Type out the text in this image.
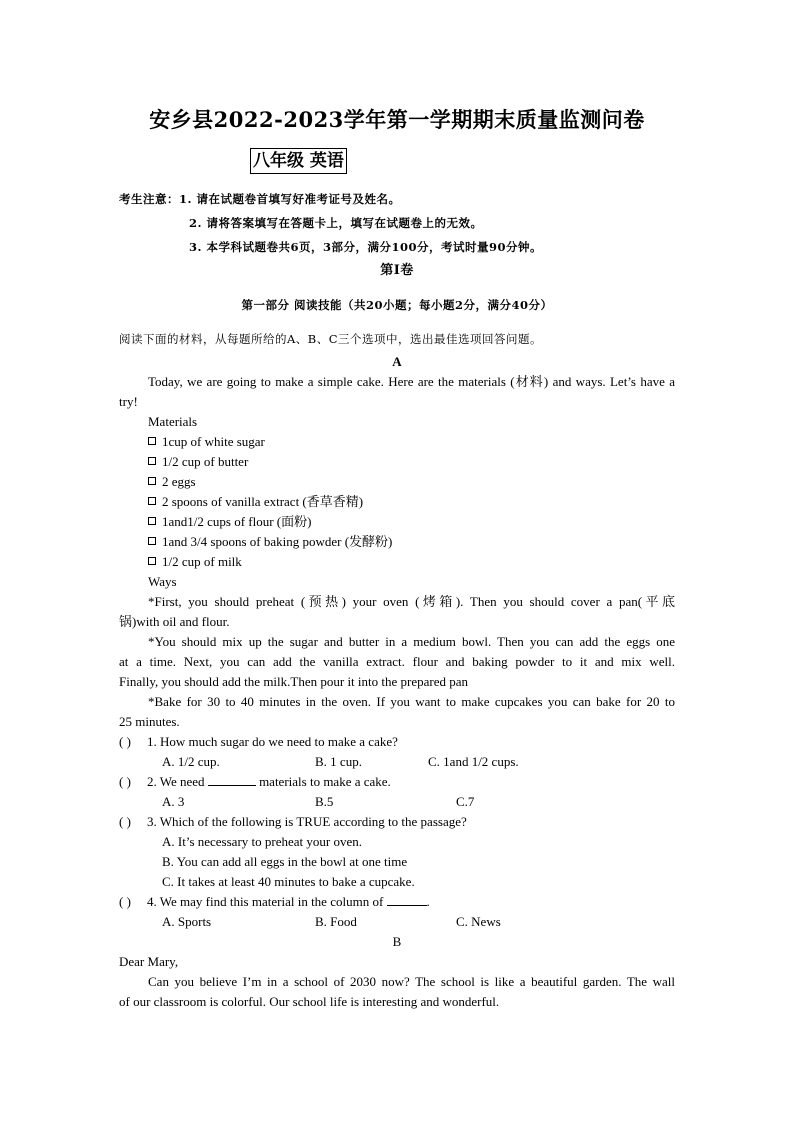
安乡县2022-2023学年第一学期期末质量监测问卷
八年级 英语
考生注意：1. 请在试题卷首填写好准考证号及姓名。
2. 请将答案填写在答题卡上，填写在试题卷上的无效。
3. 本学科试题卷共6页，3部分，满分100分，考试时量90分钟。
第Ⅰ卷
第一部分 阅读技能（共20小题；每小题2分，满分40分）
阅读下面的材料，从每题所给的A、B、C三个选项中，选出最佳选项回答问题。
A
Today, we are going to make a simple cake. Here are the materials (材料) and ways. Let’s have a
try!
Materials
1cup of white sugar
1/2 cup of butter
2 eggs
2 spoons of vanilla extract (香草香精)
1and1/2 cups of flour (面粉)
1and 3/4 spoons of baking powder (发酵粉)
1/2 cup of milk
Ways
*First, you should preheat (预热) your oven (烤箱). Then you should cover a pan(平底
锅)with oil and flour.
*You should mix up the sugar and butter in a medium bowl. Then you can add the eggs one
at a time. Next, you can add the vanilla extract. flour and baking powder to it and mix well.
Finally, you should add the milk.Then pour it into the prepared pan
*Bake for 30 to 40 minutes in the oven. If you want to make cupcakes you can bake for 20 to
25 minutes.
( ) 1. How much sugar do we need to make a cake?
A. 1/2 cup.	B. 1 cup.	C. 1and 1/2 cups.
( ) 2. We need	materials to make a cake.
A. 3	B.5	C.7
( ) 3. Which of the following is TRUE according to the passage?
A. It’s necessary to preheat your oven.
B. You can add all eggs in the bowl at one time
C. It takes at least 40 minutes to bake a cupcake.
( ) 4. We may find this material in the column of	.
A. Sports	B. Food	C. News
B
Dear Mary,
Can you believe I’m in a school of 2030 now? The school is like a beautiful garden. The wall
of our classroom is colorful. Our school life is interesting and wonderful.
